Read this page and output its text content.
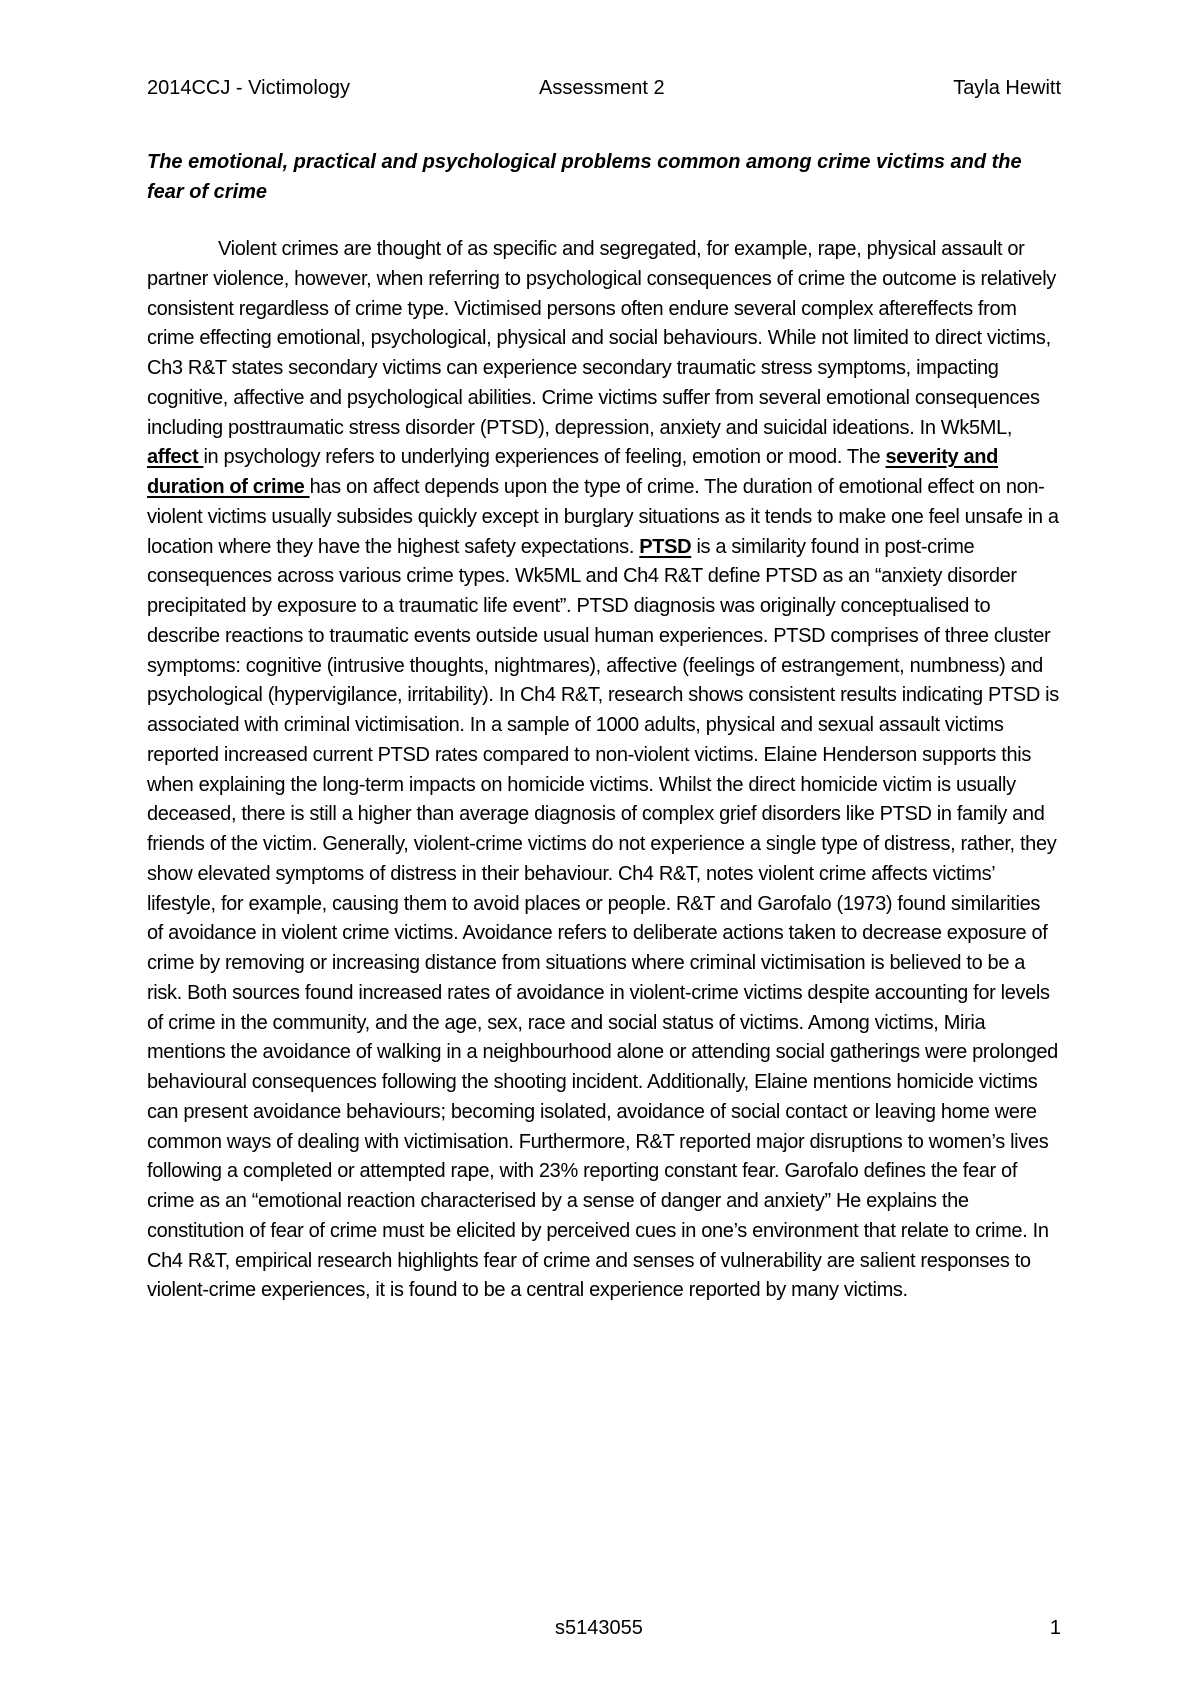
2014CCJ - Victimology	Assessment 2	Tayla Hewitt
The emotional, practical and psychological problems common among crime victims and the fear of crime
Violent crimes are thought of as specific and segregated, for example, rape, physical assault or partner violence, however, when referring to psychological consequences of crime the outcome is relatively consistent regardless of crime type. Victimised persons often endure several complex aftereffects from crime effecting emotional, psychological, physical and social behaviours. While not limited to direct victims, Ch3 R&T states secondary victims can experience secondary traumatic stress symptoms, impacting cognitive, affective and psychological abilities. Crime victims suffer from several emotional consequences including posttraumatic stress disorder (PTSD), depression, anxiety and suicidal ideations. In Wk5ML, affect in psychology refers to underlying experiences of feeling, emotion or mood. The severity and duration of crime has on affect depends upon the type of crime. The duration of emotional effect on non-violent victims usually subsides quickly except in burglary situations as it tends to make one feel unsafe in a location where they have the highest safety expectations. PTSD is a similarity found in post-crime consequences across various crime types. Wk5ML and Ch4 R&T define PTSD as an “anxiety disorder precipitated by exposure to a traumatic life event”. PTSD diagnosis was originally conceptualised to describe reactions to traumatic events outside usual human experiences. PTSD comprises of three cluster symptoms: cognitive (intrusive thoughts, nightmares), affective (feelings of estrangement, numbness) and psychological (hypervigilance, irritability). In Ch4 R&T, research shows consistent results indicating PTSD is associated with criminal victimisation. In a sample of 1000 adults, physical and sexual assault victims reported increased current PTSD rates compared to non-violent victims. Elaine Henderson supports this when explaining the long-term impacts on homicide victims. Whilst the direct homicide victim is usually deceased, there is still a higher than average diagnosis of complex grief disorders like PTSD in family and friends of the victim. Generally, violent-crime victims do not experience a single type of distress, rather, they show elevated symptoms of distress in their behaviour. Ch4 R&T, notes violent crime affects victims’ lifestyle, for example, causing them to avoid places or people. R&T and Garofalo (1973) found similarities of avoidance in violent crime victims. Avoidance refers to deliberate actions taken to decrease exposure of crime by removing or increasing distance from situations where criminal victimisation is believed to be a risk. Both sources found increased rates of avoidance in violent-crime victims despite accounting for levels of crime in the community, and the age, sex, race and social status of victims. Among victims, Miria mentions the avoidance of walking in a neighbourhood alone or attending social gatherings were prolonged behavioural consequences following the shooting incident. Additionally, Elaine mentions homicide victims can present avoidance behaviours; becoming isolated, avoidance of social contact or leaving home were common ways of dealing with victimisation. Furthermore, R&T reported major disruptions to women’s lives following a completed or attempted rape, with 23% reporting constant fear. Garofalo defines the fear of crime as an “emotional reaction characterised by a sense of danger and anxiety” He explains the constitution of fear of crime must be elicited by perceived cues in one’s environment that relate to crime. In Ch4 R&T, empirical research highlights fear of crime and senses of vulnerability are salient responses to violent-crime experiences, it is found to be a central experience reported by many victims.
s5143055	1
